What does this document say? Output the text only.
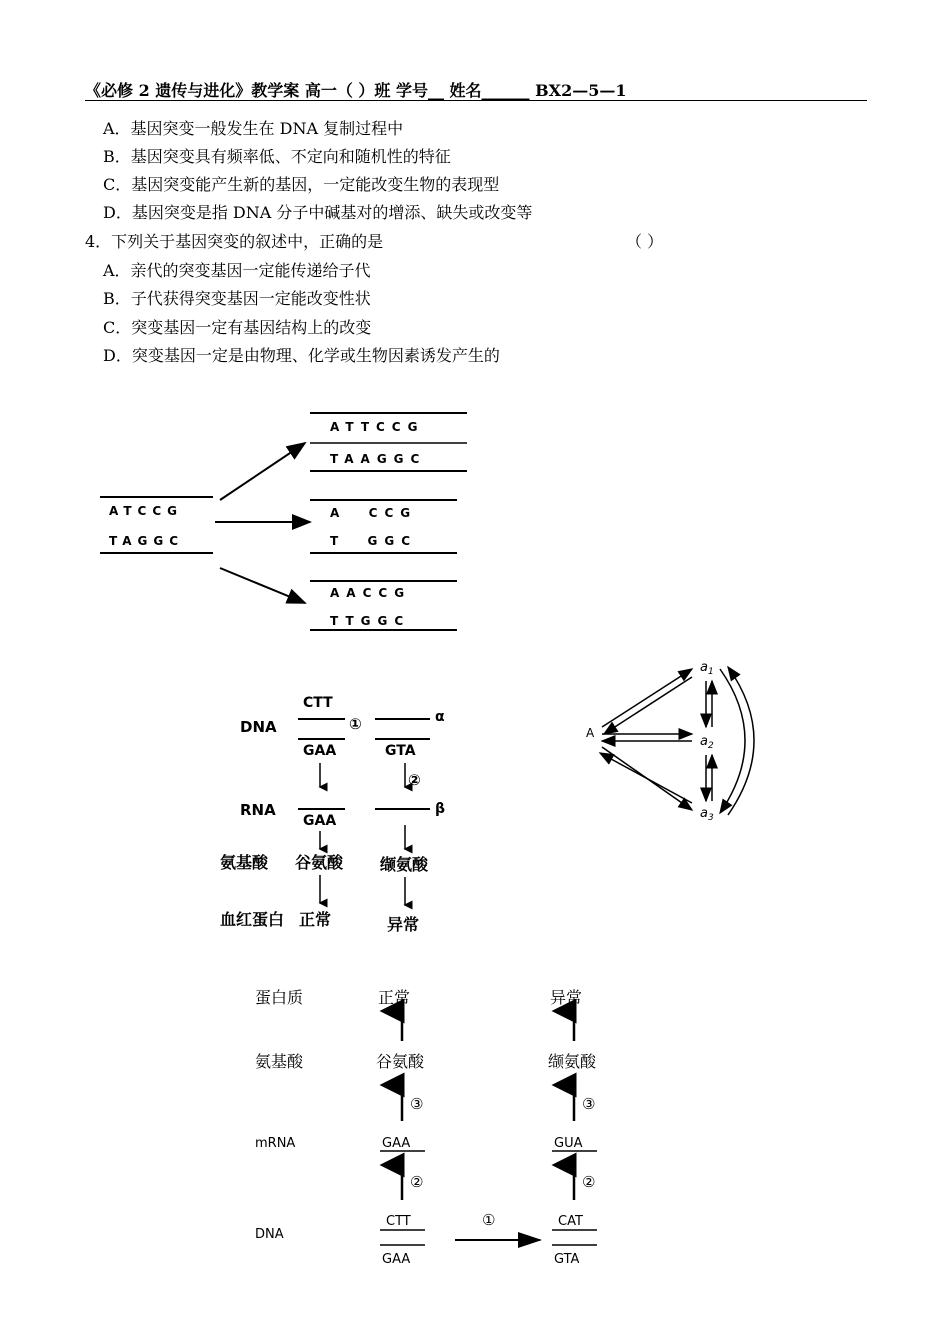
《必修 2 遗传与进化》教学案 高一（ ）班 学号__ 姓名______ BX2—5—1
A．基因突变一般发生在 DNA 复制过程中
B．基因突变具有频率低、不定向和随机性的特征
C．基因突变能产生新的基因，一定能改变生物的表现型
D．基因突变是指 DNA 分子中碱基对的增添、缺失或改变等
4．下列关于基因突变的叙述中，正确的是	（ ）
A．亲代的突变基因一定能传递给子代
B．子代获得突变基因一定能改变性状
C．突变基因一定有基因结构上的改变
D．突变基因一定是由物理、化学或生物因素诱发产生的
ATCCG
TAGGC
ATTCCG
TAAGGC
A  CCG
T  GGC
AACCG
TTGGC
DNA
RNA
氨基酸
血红蛋白
CTT
GAA
GAA
谷氨酸
正常
①	α
GTA
②
β
缬氨酸
异常
A
$a_1$
$a_2$
$a_3$
蛋白质
氨基酸
mRNA
DNA
正常
谷氨酸
③
GAA
②
CTT
GAA
①
异常
缬氨酸
③
GUA
②
CAT
GTA
